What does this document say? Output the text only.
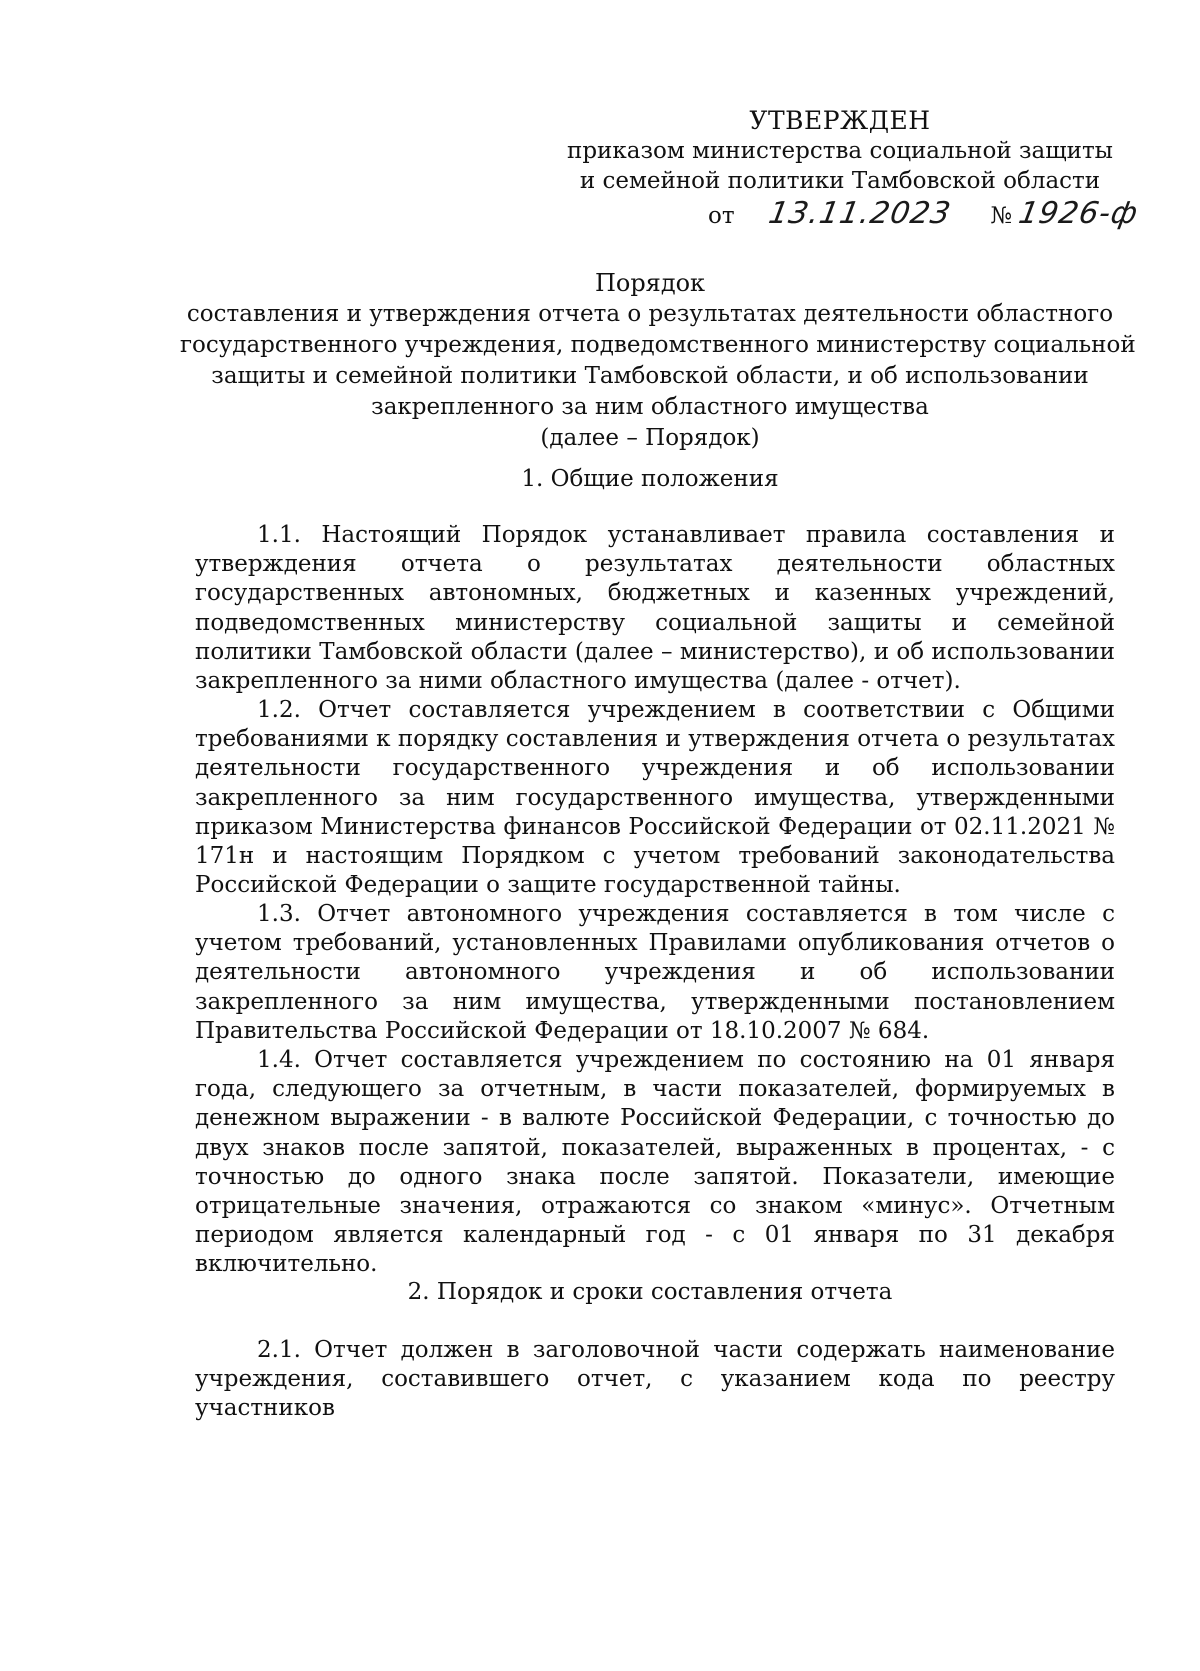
УТВЕРЖДЕН
приказом министерства социальной защиты
и семейной политики Тамбовской области
от 13.11.2023 № 1926-ф
Порядок
составления и утверждения отчета о результатах деятельности областного
государственного учреждения, подведомственного министерству социальной
защиты и семейной политики Тамбовской области, и об использовании
закрепленного за ним областного имущества
(далее – Порядок)
1. Общие положения

1.1. Настоящий Порядок устанавливает правила составления и утверждения отчета о результатах деятельности областных государственных автономных, бюджетных и казенных учреждений, подведомственных министерству социальной защиты и семейной политики Тамбовской области (далее – министерство), и об использовании закрепленного за ними областного имущества (далее - отчет).

1.2. Отчет составляется учреждением в соответствии с Общими требованиями к порядку составления и утверждения отчета о результатах деятельности государственного учреждения и об использовании закрепленного за ним государственного имущества, утвержденными приказом Министерства финансов Российской Федерации от 02.11.2021 № 171н и настоящим Порядком с учетом требований законодательства Российской Федерации о защите государственной тайны.

1.3. Отчет автономного учреждения составляется в том числе с учетом требований, установленных Правилами опубликования отчетов о деятельности автономного учреждения и об использовании закрепленного за ним имущества, утвержденными постановлением Правительства Российской Федерации от 18.10.2007 № 684.

1.4. Отчет составляется учреждением по состоянию на 01 января года, следующего за отчетным, в части показателей, формируемых в денежном выражении - в валюте Российской Федерации, с точностью до двух знаков после запятой, показателей, выраженных в процентах, - с точностью до одного знака после запятой. Показатели, имеющие отрицательные значения, отражаются со знаком «минус». Отчетным периодом является календарный год - с 01 января по 31 декабря включительно.

2. Порядок и сроки составления отчета

2.1. Отчет должен в заголовочной части содержать наименование учреждения, составившего отчет, с указанием кода по реестру участников
